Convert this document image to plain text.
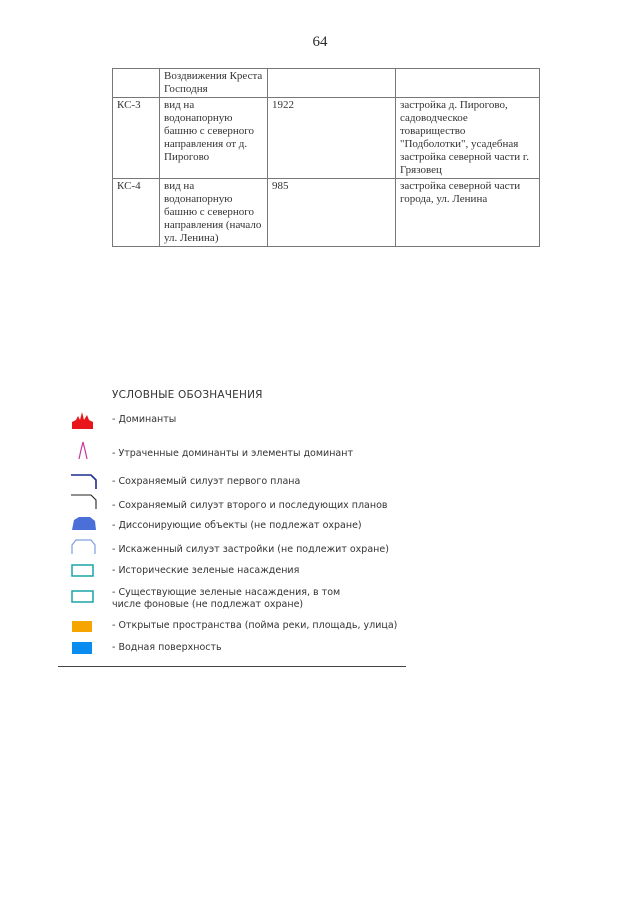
64
	Воздвижения Креста Господня		
КС-3	вид на водонапорную башню с северного направления от д. Пирогово	1922	застройка д. Пирогово, садоводческое товарищество "Подболотки", усадебная застройка северной части г. Грязовец
КС-4	вид на водонапорную башню с северного направления (начало ул. Ленина)	985	застройка северной части города, ул. Ленина
УСЛОВНЫЕ ОБОЗНАЧЕНИЯ
- Доминанты
- Утраченные доминанты и элементы доминант
- Сохраняемый силуэт первого плана
- Сохраняемый силуэт второго и последующих планов
- Диссонирующие объекты (не подлежат охране)
- Искаженный силуэт застройки (не подлежит охране)
- Исторические зеленые насаждения
- Существующие зеленые насаждения, в том числе фоновые (не подлежат охране)
- Открытые пространства (пойма реки, площадь, улица)
- Водная поверхность
